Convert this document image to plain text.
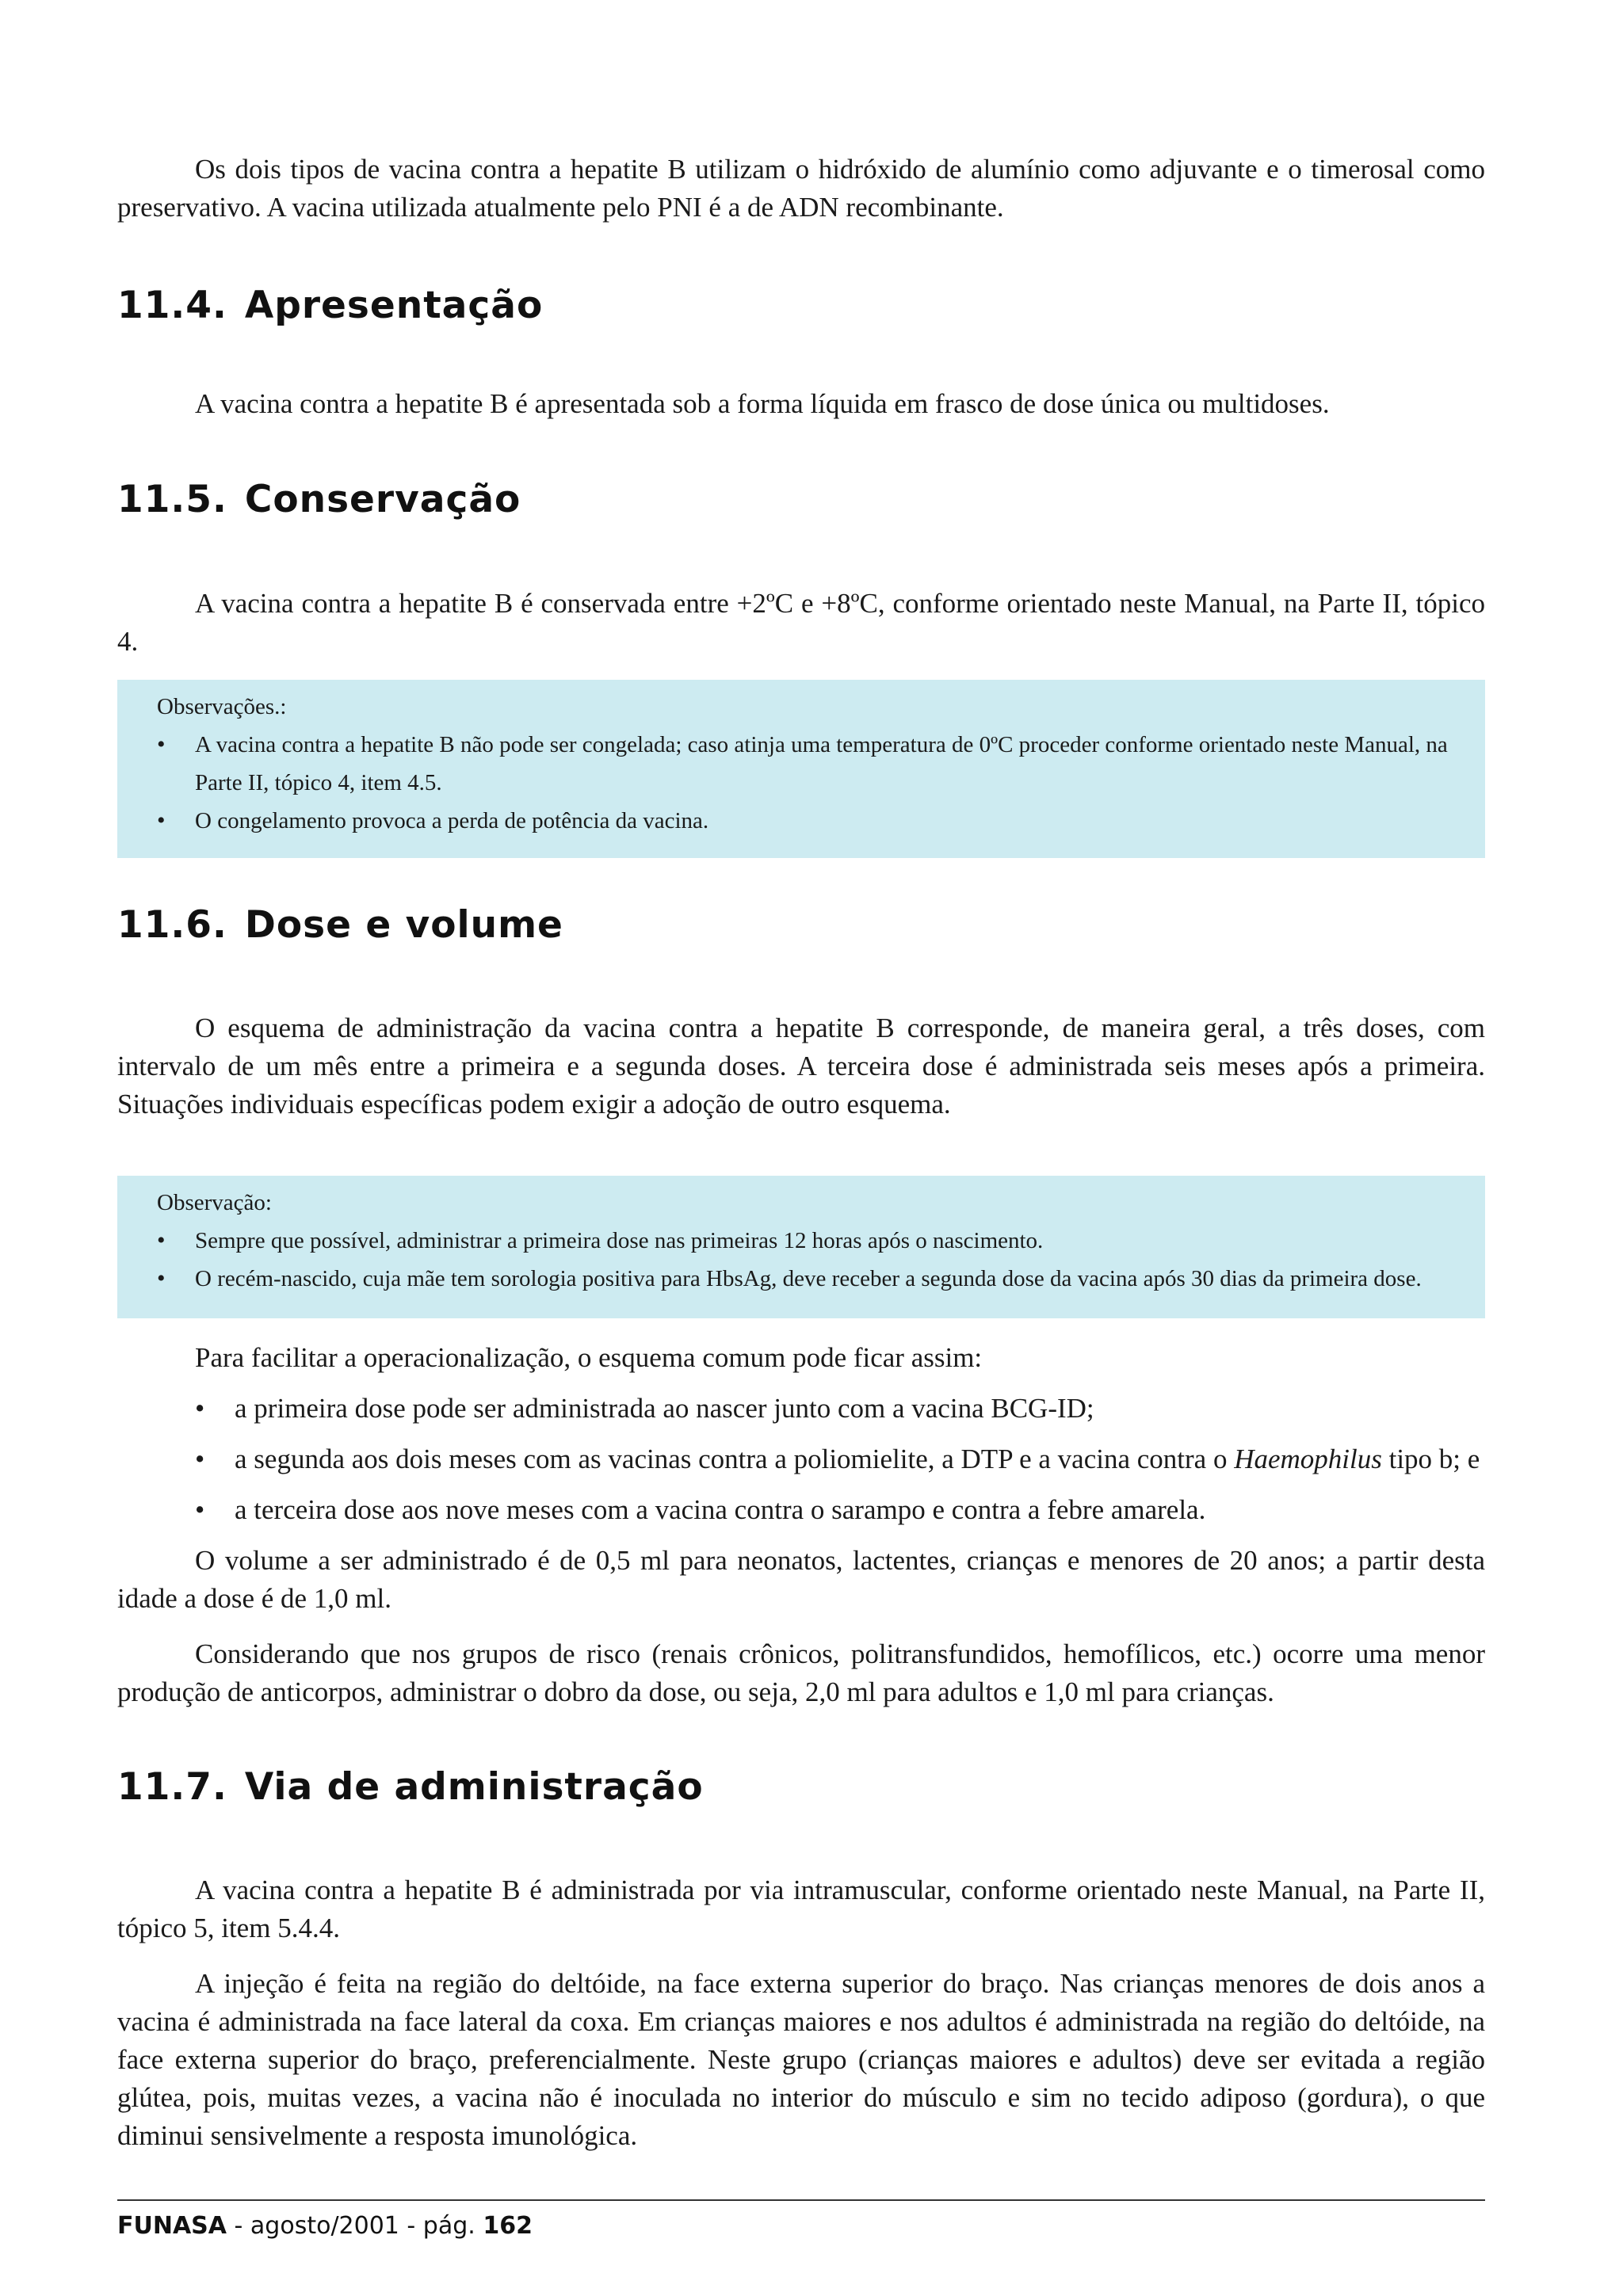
Os dois tipos de vacina contra a hepatite B utilizam o hidróxido de alumínio como adjuvante e o timerosal como preservativo. A vacina utilizada atualmente pelo PNI é a de ADN recombinante.

11.4. Apresentação

A vacina contra a hepatite B é apresentada sob a forma líquida em frasco de dose única ou multidoses.

11.5. Conservação

A vacina contra a hepatite B é conservada entre +2ºC e +8ºC, conforme orientado neste Manual, na Parte II, tópico 4.

Observações.:
• A vacina contra a hepatite B não pode ser congelada; caso atinja uma temperatura de 0ºC proceder conforme orientado neste Manual, na Parte II, tópico 4, item 4.5.
• O congelamento provoca a perda de potência da vacina.
11.6. Dose e volume

O esquema de administração da vacina contra a hepatite B corresponde, de maneira geral, a três doses, com intervalo de um mês entre a primeira e a segunda doses. A terceira dose é administrada seis meses após a primeira. Situações individuais específicas podem exigir a adoção de outro esquema.

Observação:
• Sempre que possível, administrar a primeira dose nas primeiras 12 horas após o nascimento.
• O recém-nascido, cuja mãe tem sorologia positiva para HbsAg, deve receber a segunda dose da vacina após 30 dias da primeira dose.

Para facilitar a operacionalização, o esquema comum pode ficar assim:

• a primeira dose pode ser administrada ao nascer junto com a vacina BCG-ID;
• a segunda aos dois meses com as vacinas contra a poliomielite, a DTP e a vacina contra o Haemophilus tipo b; e
• a terceira dose aos nove meses com a vacina contra o sarampo e contra a febre amarela.

O volume a ser administrado é de 0,5 ml para neonatos, lactentes, crianças e menores de 20 anos; a partir desta idade a dose é de 1,0 ml.

Considerando que nos grupos de risco (renais crônicos, politransfundidos, hemofílicos, etc.) ocorre uma menor produção de anticorpos, administrar o dobro da dose, ou seja, 2,0 ml para adultos e 1,0 ml para crianças.

11.7. Via de administração

A vacina contra a hepatite B é administrada por via intramuscular, conforme orientado neste Manual, na Parte II, tópico 5, item 5.4.4.

A injeção é feita na região do deltóide, na face externa superior do braço. Nas crianças menores de dois anos a vacina é administrada na face lateral da coxa. Em crianças maiores e nos adultos é administrada na região do deltóide, na face externa superior do braço, preferencialmente. Neste grupo (crianças maiores e adultos) deve ser evitada a região glútea, pois, muitas vezes, a vacina não é inoculada no interior do músculo e sim no tecido adiposo (gordura), o que diminui sensivelmente a resposta imunológica.

FUNASA - agosto/2001 - pág. 162
